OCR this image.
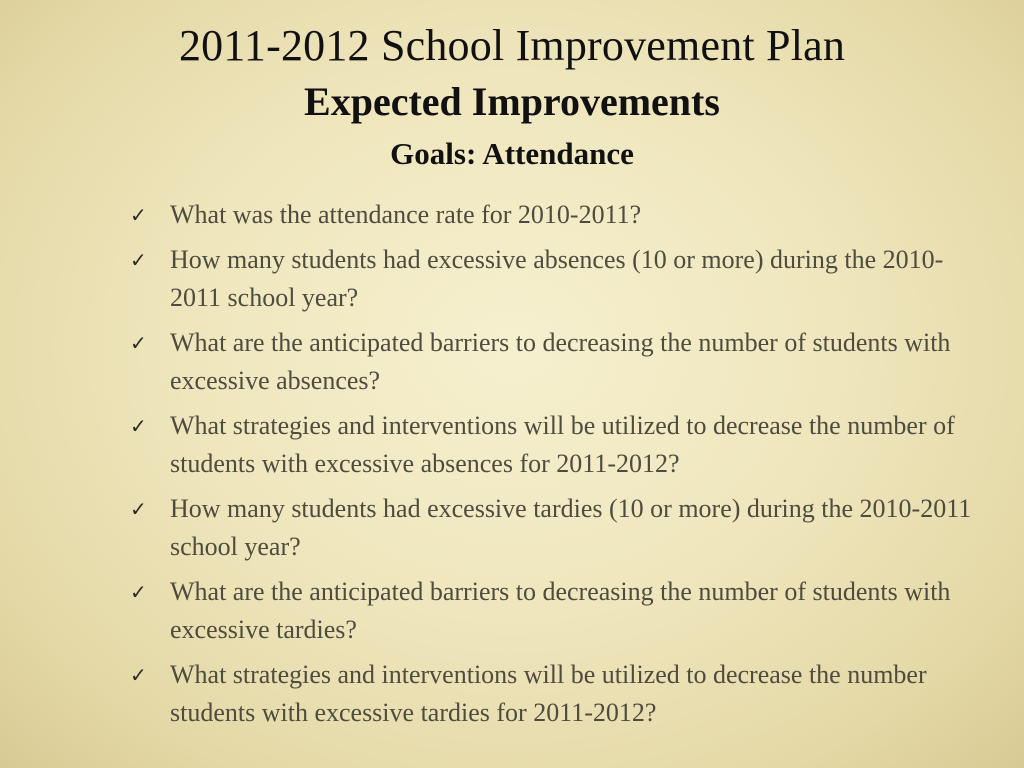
2011-2012 School Improvement Plan
Expected Improvements
Goals: Attendance
✓ What was the attendance rate for 2010-2011?
✓ How many students had excessive absences (10 or more) during the 2010-2011 school year?
✓ What are the anticipated barriers to decreasing the number of students with excessive absences?
✓ What strategies and interventions will be utilized to decrease the number of students with excessive absences for 2011-2012?
✓ How many students had excessive tardies (10 or more) during the 2010-2011 school year?
✓ What are the anticipated barriers to decreasing the number of students with excessive tardies?
✓ What strategies and interventions will be utilized to decrease the number students with excessive tardies for 2011-2012?
